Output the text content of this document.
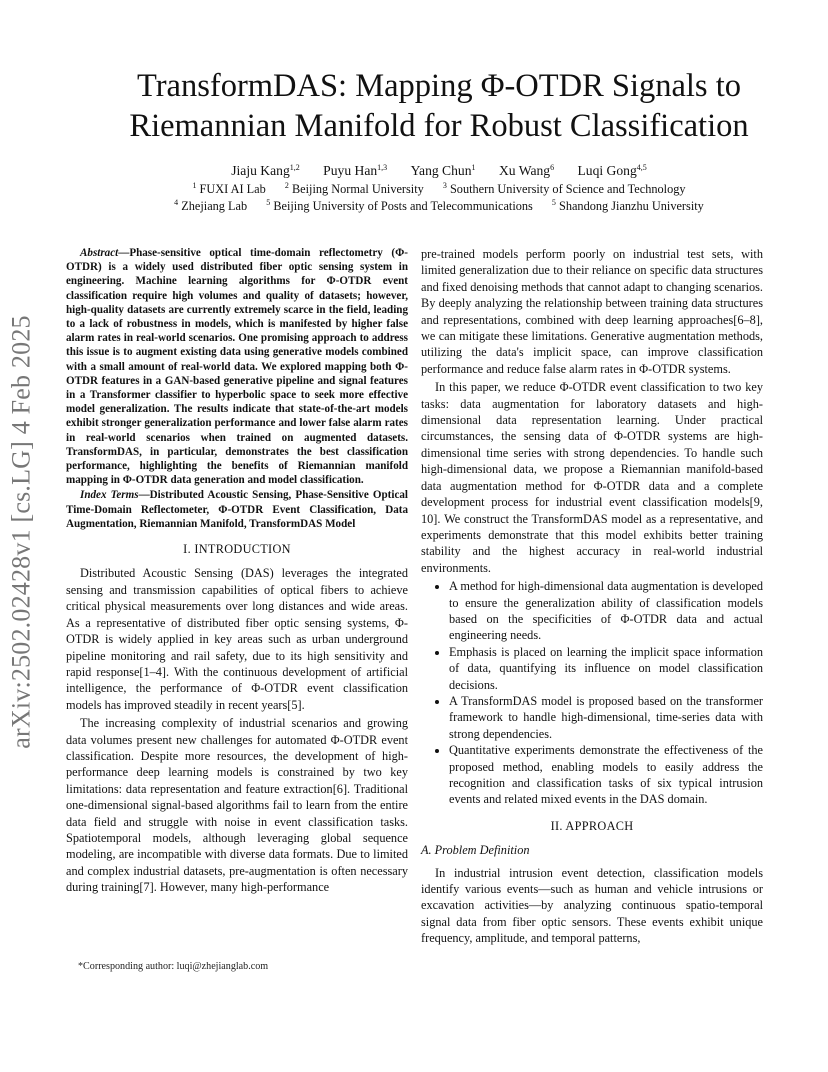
arXiv:2502.02428v1 [cs.LG] 4 Feb 2025
TransformDAS: Mapping Φ-OTDR Signals to
Riemannian Manifold for Robust Classification
Jiaju Kang$^{1,2}$ Puyu Han$^{1,3}$ Yang Chun$^1$ Xu Wang$^6$ Luqi Gong$^{4,5}$
$^1$ FUXI AI Lab $^2$ Beijing Normal University $^3$ Southern University of Science and Technology
$^4$ Zhejiang Lab $^5$ Beijing University of Posts and Telecommunications $^5$ Shandong Jianzhu University

Abstract—Phase-sensitive optical time-domain reflectometry (Φ-OTDR) is a widely used distributed fiber optic sensing system in engineering. Machine learning algorithms for Φ-OTDR event classification require high volumes and quality of datasets; however, high-quality datasets are currently extremely scarce in the field, leading to a lack of robustness in models, which is manifested by higher false alarm rates in real-world scenarios. One promising approach to address this issue is to augment existing data using generative models combined with a small amount of real-world data. We explored mapping both Φ-OTDR features in a GAN-based generative pipeline and signal features in a Transformer classifier to hyperbolic space to seek more effective model generalization. The results indicate that state-of-the-art models exhibit stronger generalization performance and lower false alarm rates in real-world scenarios when trained on augmented datasets. TransformDAS, in particular, demonstrates the best classification performance, highlighting the benefits of Riemannian manifold mapping in Φ-OTDR data generation and model classification.

Index Terms—Distributed Acoustic Sensing, Phase-Sensitive Optical Time-Domain Reflectometer, Φ-OTDR Event Classification, Data Augmentation, Riemannian Manifold, TransformDAS Model

I. INTRODUCTION

Distributed Acoustic Sensing (DAS) leverages the integrated sensing and transmission capabilities of optical fibers to achieve critical physical measurements over long distances and wide areas. As a representative of distributed fiber optic sensing systems, Φ-OTDR is widely applied in key areas such as urban underground pipeline monitoring and rail safety, due to its high sensitivity and rapid response[1–4]. With the continuous development of artificial intelligence, the performance of Φ-OTDR event classification models has improved steadily in recent years[5].

The increasing complexity of industrial scenarios and growing data volumes present new challenges for automated Φ-OTDR event classification. Despite more resources, the development of high-performance deep learning models is constrained by two key limitations: data representation and feature extraction[6]. Traditional one-dimensional signal-based algorithms fail to learn from the entire data field and struggle with noise in event classification tasks. Spatiotemporal models, although leveraging global sequence modeling, are incompatible with diverse data formats. Due to limited and complex industrial datasets, pre-augmentation is often necessary during training[7]. However, many high-performance

*Corresponding author: luqi@zhejianglab.com

pre-trained models perform poorly on industrial test sets, with limited generalization due to their reliance on specific data structures and fixed denoising methods that cannot adapt to changing scenarios. By deeply analyzing the relationship between training data structures and representations, combined with deep learning approaches[6–8], we can mitigate these limitations. Generative augmentation methods, utilizing the data's implicit space, can improve classification performance and reduce false alarm rates in Φ-OTDR systems.

In this paper, we reduce Φ-OTDR event classification to two key tasks: data augmentation for laboratory datasets and high-dimensional data representation learning. Under practical circumstances, the sensing data of Φ-OTDR systems are high-dimensional time series with strong dependencies. To handle such high-dimensional data, we propose a Riemannian manifold-based data augmentation method for Φ-OTDR data and a complete development process for industrial event classification models[9, 10]. We construct the TransformDAS model as a representative, and experiments demonstrate that this model exhibits better training stability and the highest accuracy in real-world industrial environments.

• A method for high-dimensional data augmentation is developed to ensure the generalization ability of classification models based on the specificities of Φ-OTDR data and actual engineering needs.
• Emphasis is placed on learning the implicit space information of data, quantifying its influence on model classification decisions.
• A TransformDAS model is proposed based on the transformer framework to handle high-dimensional, time-series data with strong dependencies.
• Quantitative experiments demonstrate the effectiveness of the proposed method, enabling models to easily address the recognition and classification tasks of six typical intrusion events and related mixed events in the DAS domain.

II. APPROACH

A. Problem Definition

In industrial intrusion event detection, classification models identify various events—such as human and vehicle intrusions or excavation activities—by analyzing continuous spatio-temporal signal data from fiber optic sensors. These events exhibit unique frequency, amplitude, and temporal patterns,
